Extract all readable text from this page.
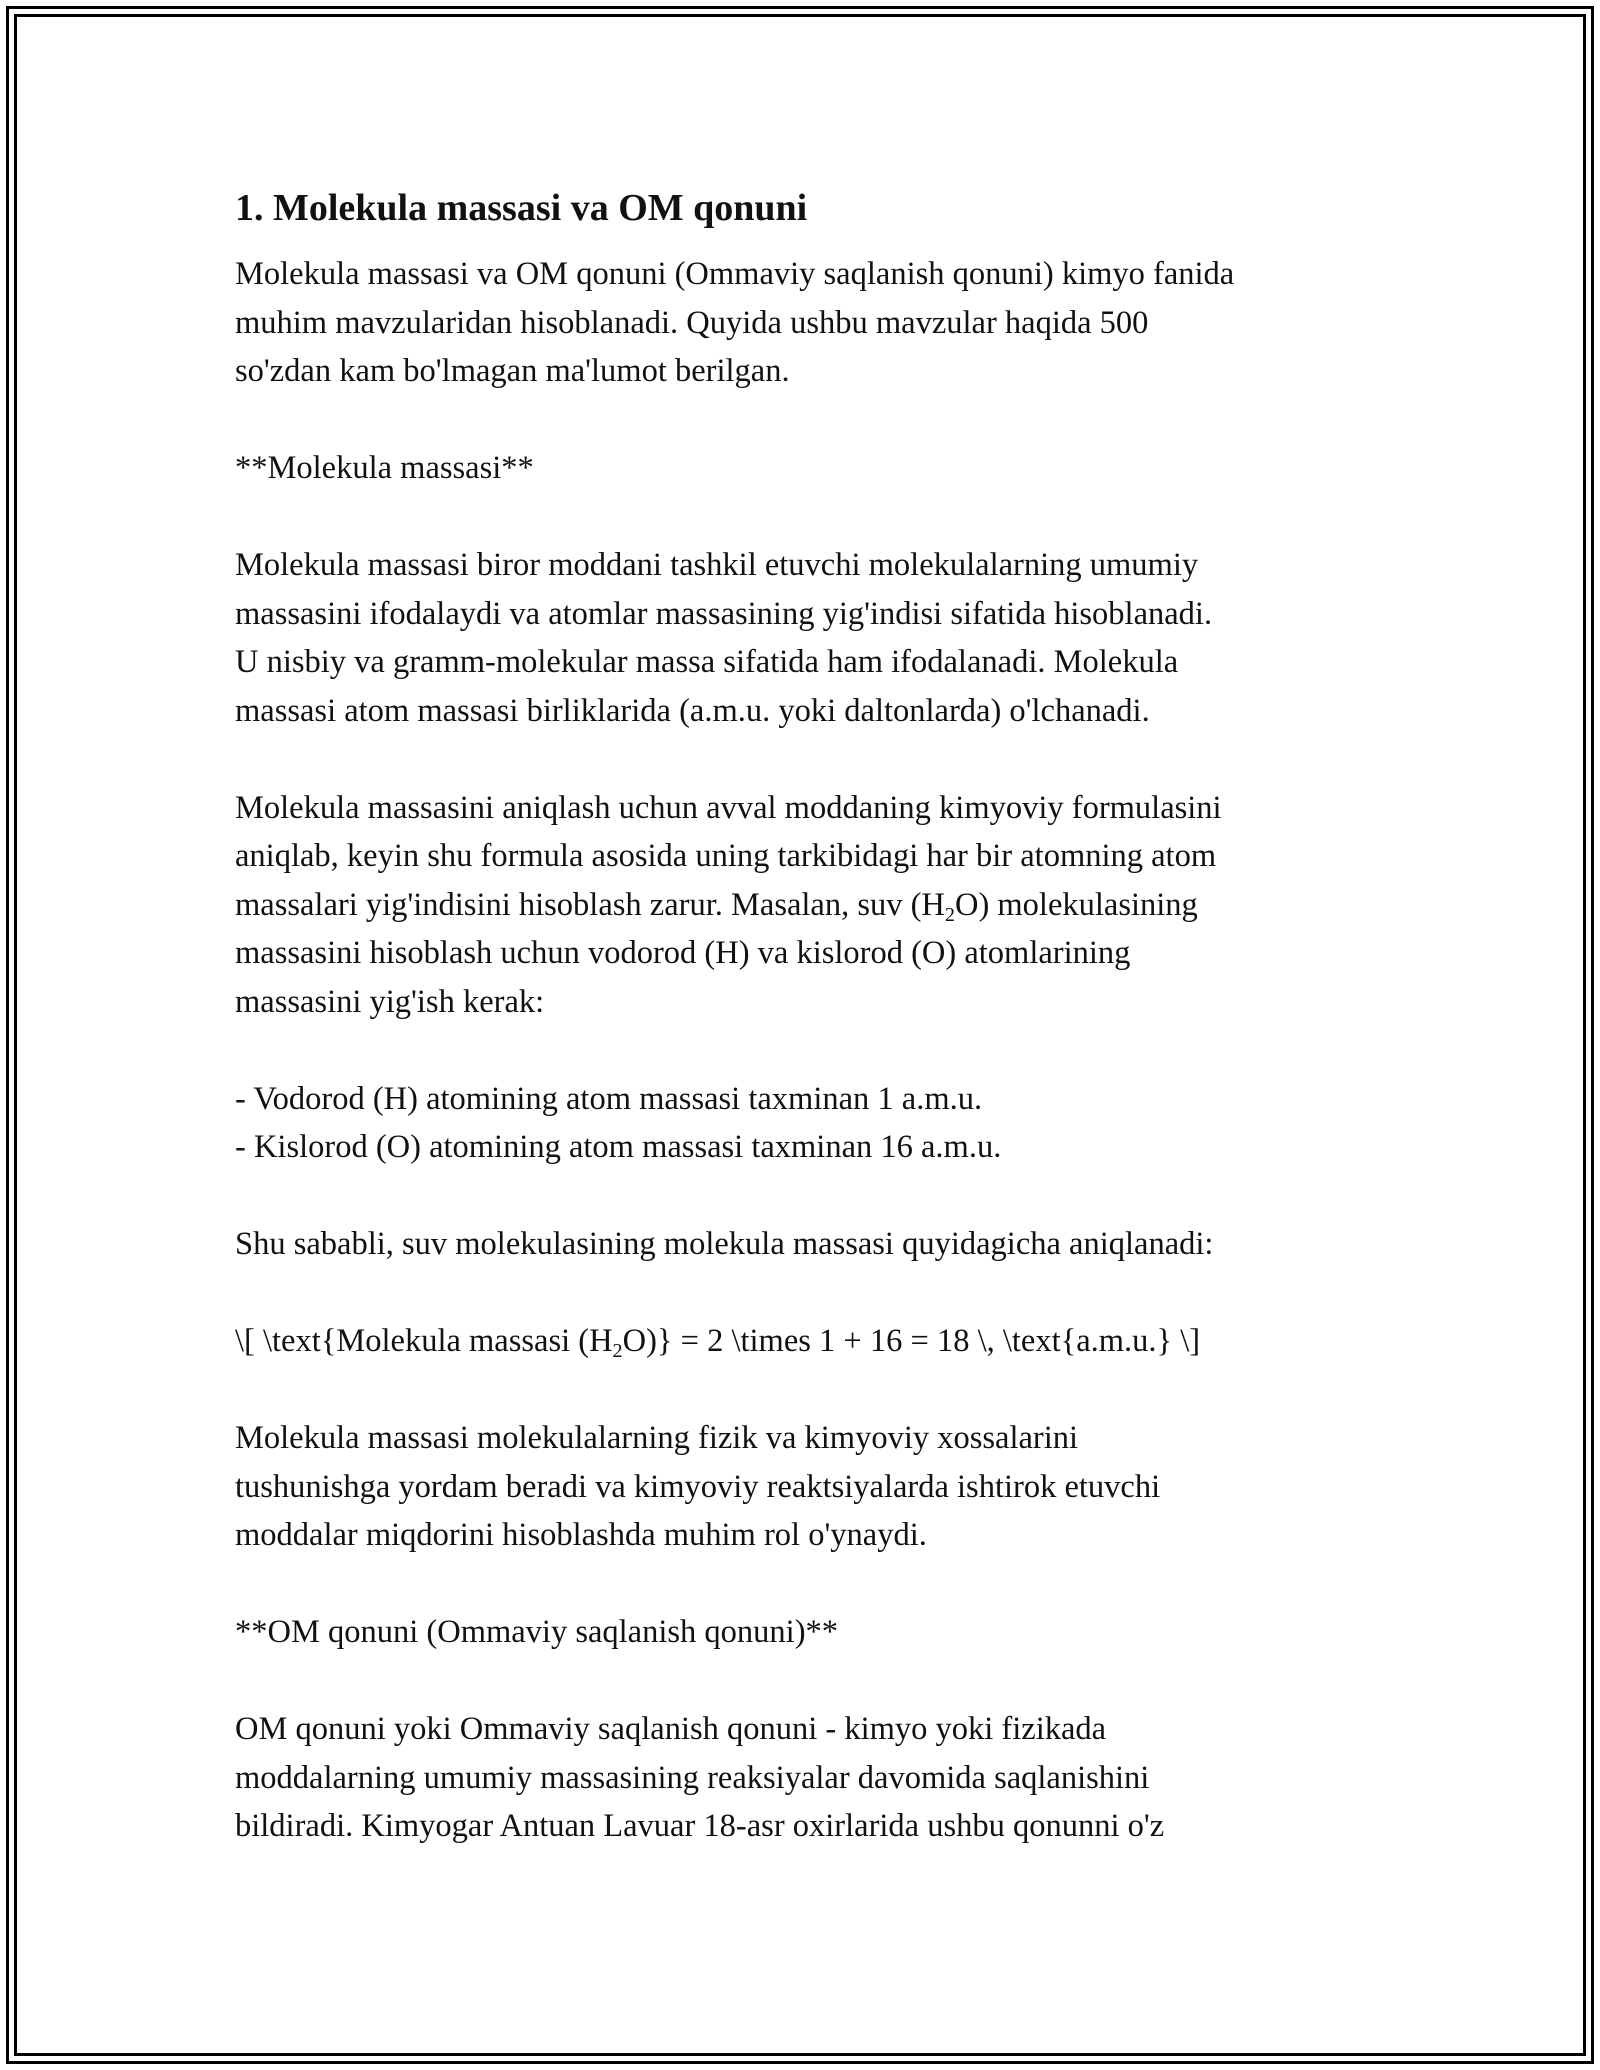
1. Molekula massasi va OM qonuni
Molekula massasi va OM qonuni (Ommaviy saqlanish qonuni) kimyo fanida
muhim mavzularidan hisoblanadi. Quyida ushbu mavzular haqida 500
so'zdan kam bo'lmagan ma'lumot berilgan.
**Molekula massasi**
Molekula massasi biror moddani tashkil etuvchi molekulalarning umumiy
massasini ifodalaydi va atomlar massasining yig'indisi sifatida hisoblanadi.
U nisbiy va gramm-molekular massa sifatida ham ifodalanadi. Molekula
massasi atom massasi birliklarida (a.m.u. yoki daltonlarda) o'lchanadi.
Molekula massasini aniqlash uchun avval moddaning kimyoviy formulasini
aniqlab, keyin shu formula asosida uning tarkibidagi har bir atomning atom
massalari yig'indisini hisoblash zarur. Masalan, suv $(H_2O)$ molekulasining
massasini hisoblash uchun vodorod (H) va kislorod (O) atomlarining
massasini yig'ish kerak:
- Vodorod (H) atomining atom massasi taxminan 1 a.m.u.
- Kislorod (O) atomining atom massasi taxminan 16 a.m.u.
Shu sababli, suv molekulasining molekula massasi quyidagicha aniqlanadi:
\[ \text{Molekula massasi $(H_2O)\} = 2$ \times 1 + 16 = 18 \, \text{a.m.u.} \]
Molekula massasi molekulalarning fizik va kimyoviy xossalarini
tushunishga yordam beradi va kimyoviy reaktsiyalarda ishtirok etuvchi
moddalar miqdorini hisoblashda muhim rol o'ynaydi.
**OM qonuni (Ommaviy saqlanish qonuni)**
OM qonuni yoki Ommaviy saqlanish qonuni - kimyo yoki fizikada
moddalarning umumiy massasining reaksiyalar davomida saqlanishini
bildiradi. Kimyogar Antuan Lavuar 18-asr oxirlarida ushbu qonunni o'z
